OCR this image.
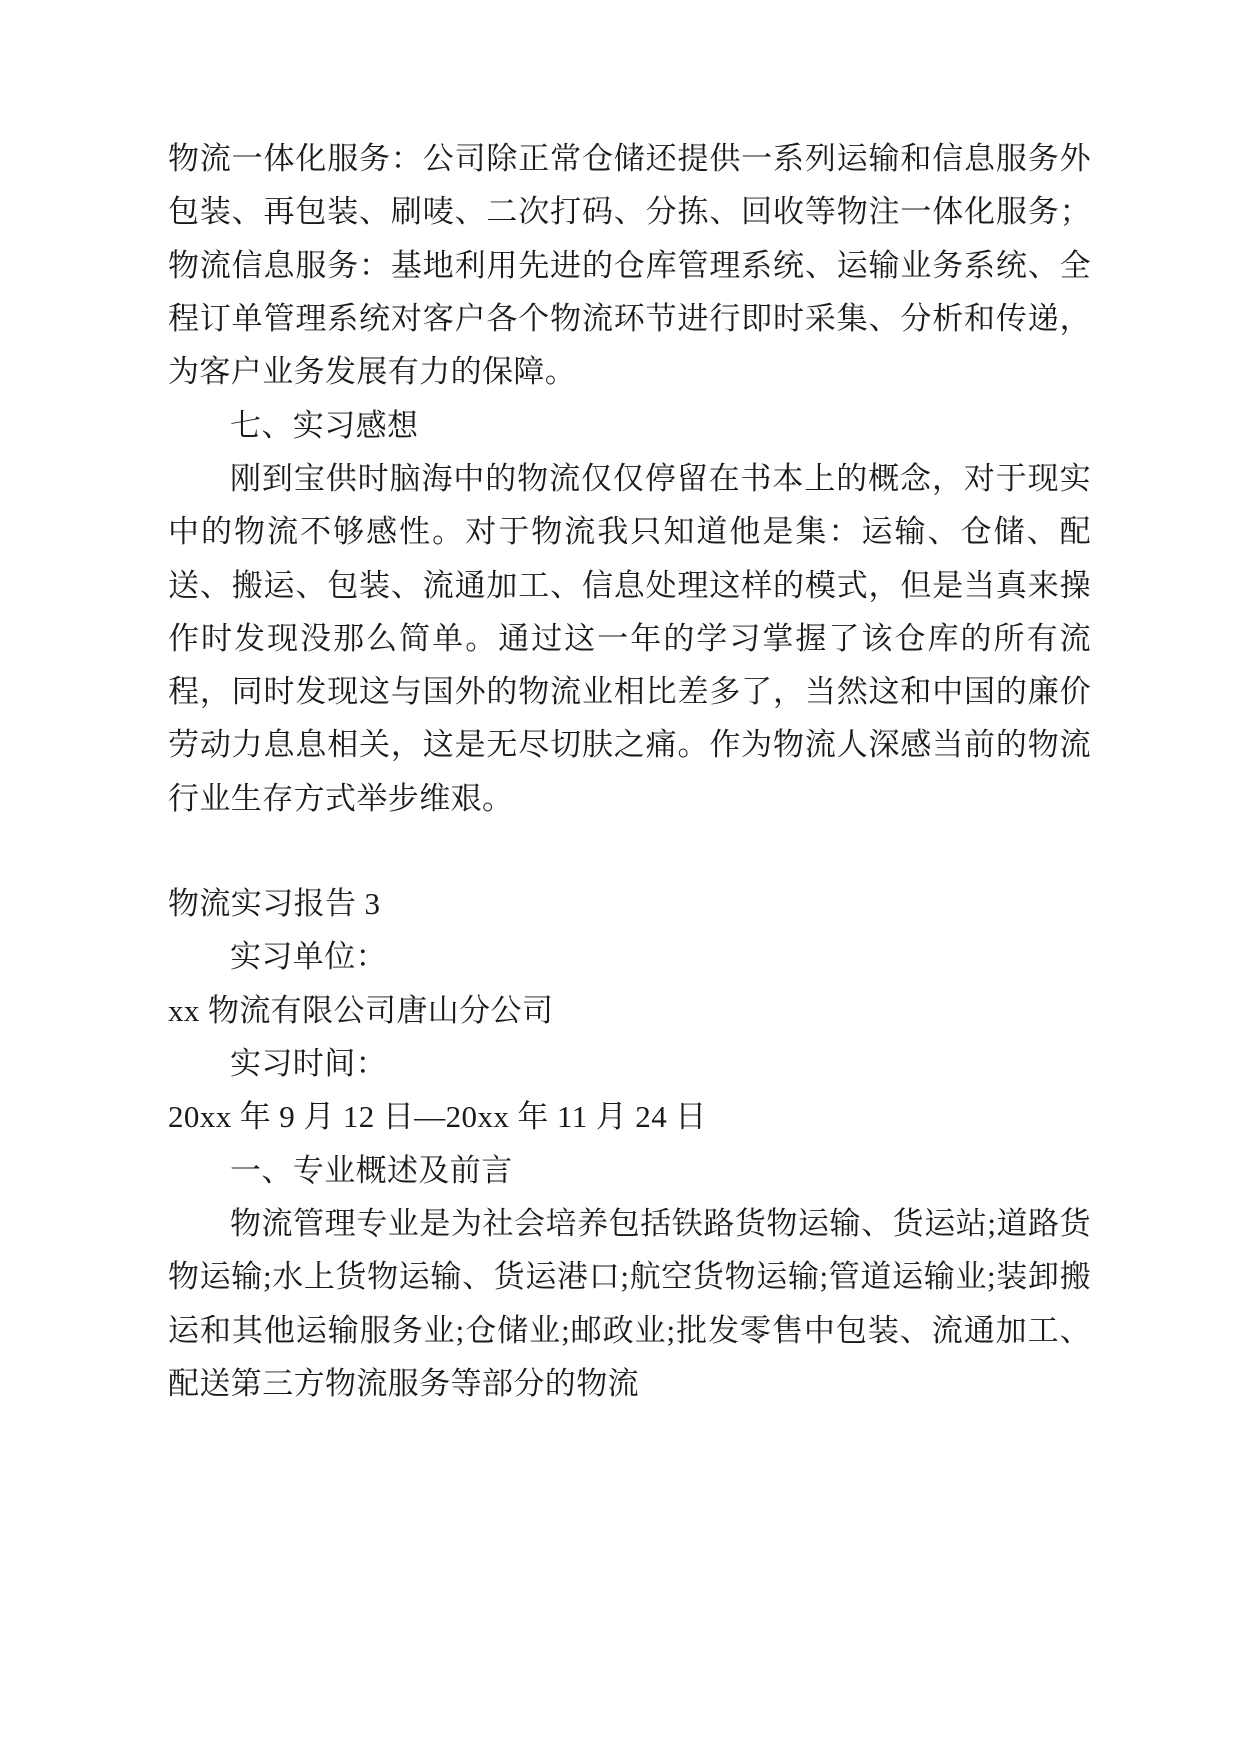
物流一体化服务：公司除正常仓储还提供一系列运输和信息服务外包装、再包装、刷唛、二次打码、分拣、回收等物注一体化服务；物流信息服务：基地利用先进的仓库管理系统、运输业务系统、全程订单管理系统对客户各个物流环节进行即时采集、分析和传递，为客户业务发展有力的保障。

七、实习感想

刚到宝供时脑海中的物流仅仅停留在书本上的概念，对于现实中的物流不够感性。对于物流我只知道他是集：运输、仓储、配送、搬运、包装、流通加工、信息处理这样的模式，但是当真来操作时发现没那么简单。通过这一年的学习掌握了该仓库的所有流程，同时发现这与国外的物流业相比差多了，当然这和中国的廉价劳动力息息相关，这是无尽切肤之痛。作为物流人深感当前的物流行业生存方式举步维艰。

物流实习报告 3

实习单位：

xx 物流有限公司唐山分公司

实习时间：

20xx 年 9 月 12 日—20xx 年 11 月 24 日

一、专业概述及前言

物流管理专业是为社会培养包括铁路货物运输、货运站;道路货物运输;水上货物运输、货运港口;航空货物运输;管道运输业;装卸搬运和其他运输服务业;仓储业;邮政业;批发零售中包装、流通加工、配送第三方物流服务等部分的物流
